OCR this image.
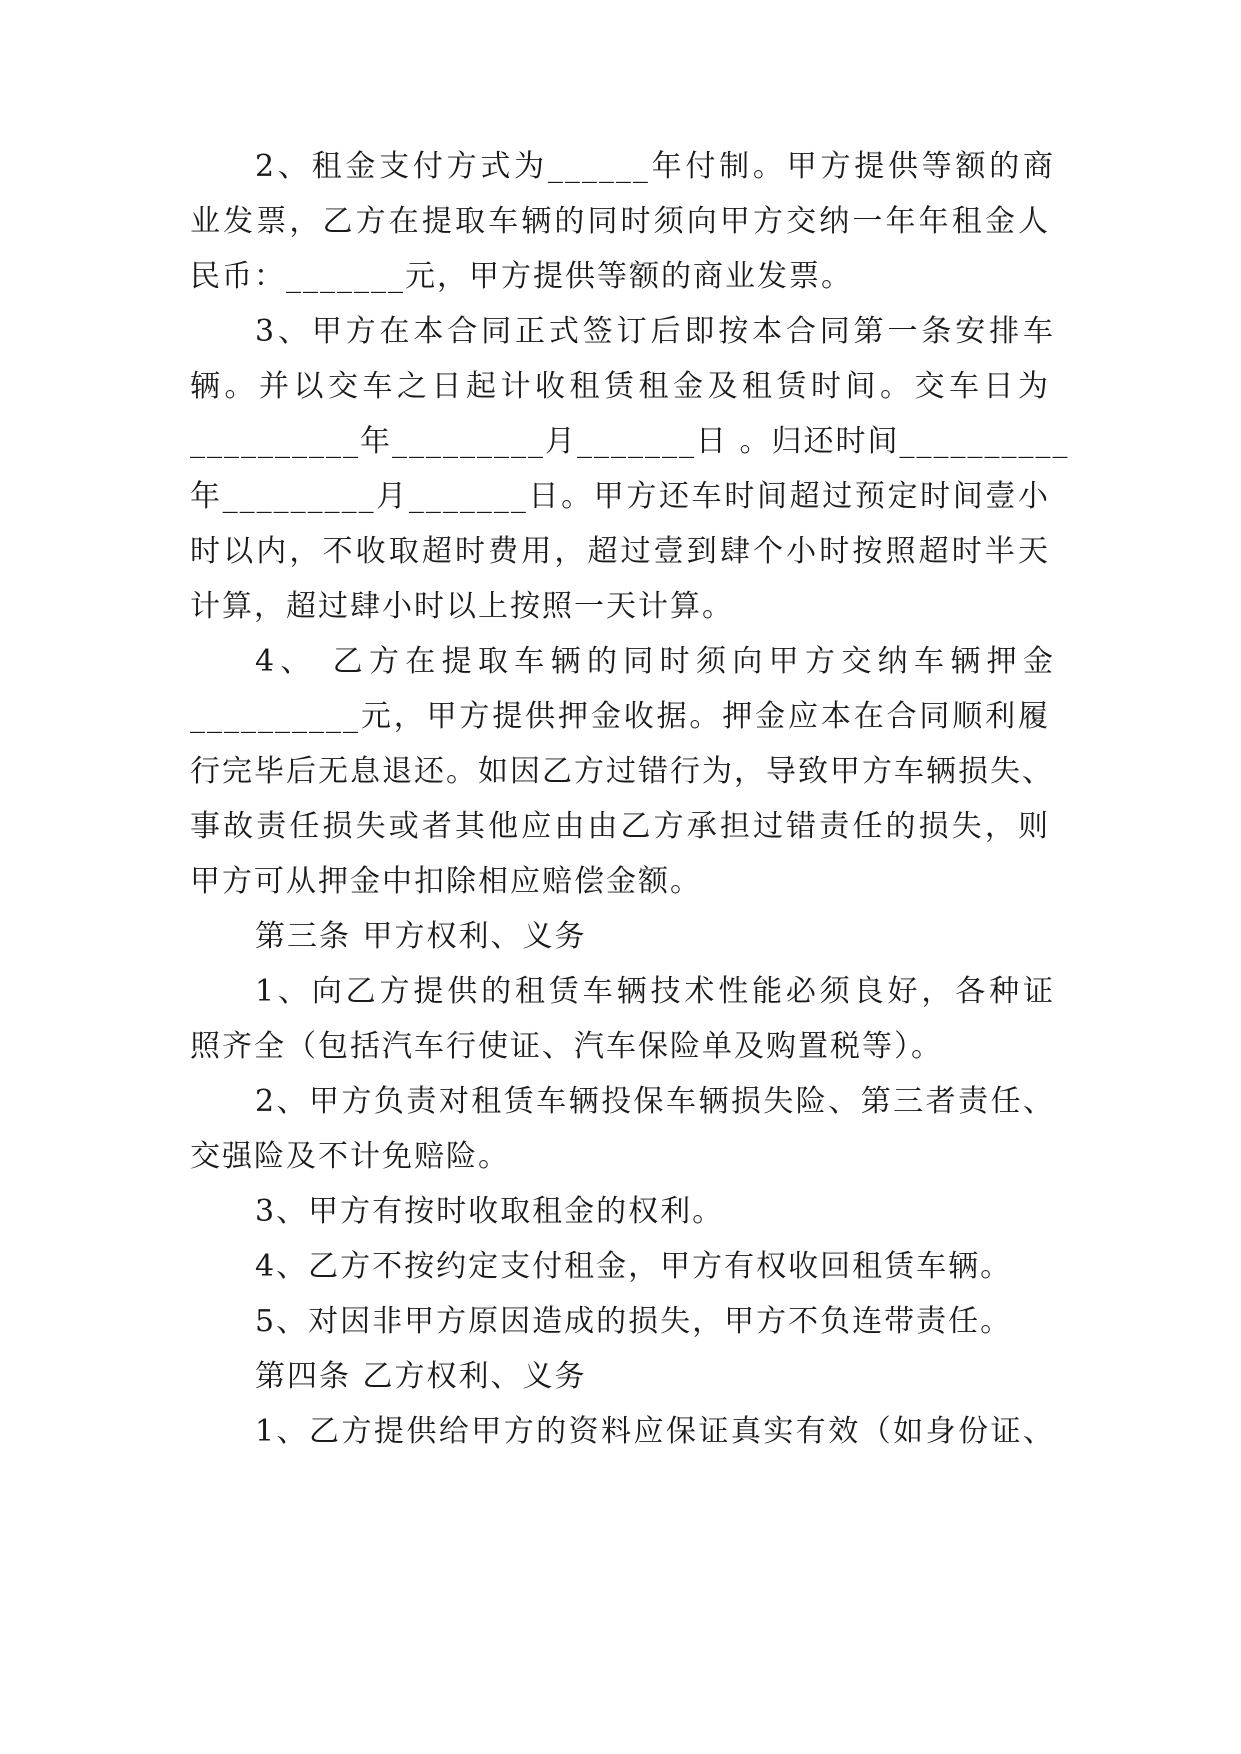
2、租金支付方式为______年付制。甲方提供等额的商
业发票，乙方在提取车辆的同时须向甲方交纳一年年租金人
民币：_______元，甲方提供等额的商业发票。
3、甲方在本合同正式签订后即按本合同第一条安排车
辆。并以交车之日起计收租赁租金及租赁时间。交车日为
__________年_________月_______日 。归还时间__________
年_________月_______日。甲方还车时间超过预定时间壹小
时以内，不收取超时费用，超过壹到肆个小时按照超时半天
计算，超过肆小时以上按照一天计算。
4、 乙方在提取车辆的同时须向甲方交纳车辆押金
__________元，甲方提供押金收据。押金应本在合同顺利履
行完毕后无息退还。如因乙方过错行为，导致甲方车辆损失、
事故责任损失或者其他应由由乙方承担过错责任的损失，则
甲方可从押金中扣除相应赔偿金额。
第三条 甲方权利、义务
1、向乙方提供的租赁车辆技术性能必须良好，各种证
照齐全（包括汽车行使证、汽车保险单及购置税等）。
2、甲方负责对租赁车辆投保车辆损失险、第三者责任、
交强险及不计免赔险。
3、甲方有按时收取租金的权利。
4、乙方不按约定支付租金，甲方有权收回租赁车辆。
5、对因非甲方原因造成的损失，甲方不负连带责任。
第四条 乙方权利、义务
1、乙方提供给甲方的资料应保证真实有效（如身份证、
